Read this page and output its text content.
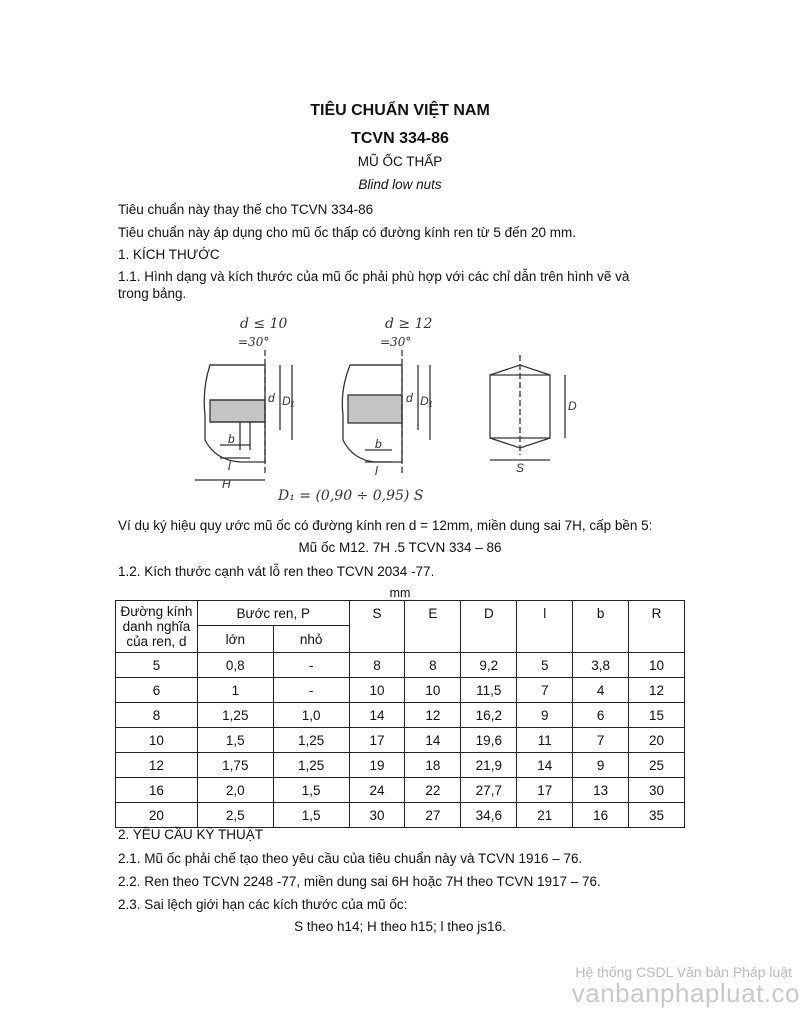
TIÊU CHUẨN VIỆT NAM
TCVN 334-86
MŨ ỐC THẤP
Blind low nuts
Tiêu chuẩn này thay thế cho TCVN 334-86
Tiêu chuẩn này áp dụng cho mũ ốc thấp có đường kính ren từ 5 đến 20 mm.
1. KÍCH THƯỚC
1.1. Hình dạng và kích thước của mũ ốc phải phù hợp với các chỉ dẫn trên hình vẽ và trong bảng.
d ≤ 10
=30°
d D₁
b
l
H
d ≥ 12
=30°
d D₁
b
l
D
S
D₁ = (0,90 ÷ 0,95) S
Ví dụ ký hiệu quy ước mũ ốc có đường kính ren d = 12mm, miền dung sai 7H, cấp bền 5:
Mũ ốc M12. 7H .5 TCVN 334 – 86
1.2. Kích thước cạnh vát lỗ ren theo TCVN 2034 -77.
mm
Đường kính danh nghĩa của ren, d	Bước ren, P		S	E	D	l	b	R
	lớn	nhỏ						
5	0,8	-	8	8	9,2	5	3,8	10
6	1	-	10	10	11,5	7	4	12
8	1,25	1,0	14	12	16,2	9	6	15
10	1,5	1,25	17	14	19,6	11	7	20
12	1,75	1,25	19	18	21,9	14	9	25
16	2,0	1,5	24	22	27,7	17	13	30
20	2,5	1,5	30	27	34,6	21	16	35
2. YÊU CẦU KỸ THUẬT
2.1. Mũ ốc phải chế tạo theo yêu cầu của tiêu chuẩn này và TCVN 1916 – 76.
2.2. Ren theo TCVN 2248 -77, miền dung sai 6H hoặc 7H theo TCVN 1917 – 76.
2.3. Sai lệch giới hạn các kích thước của mũ ốc:
S theo h14; H theo h15; l theo js16.
Hệ thống CSDL Văn bản Pháp luật
vanbanphapluat.co
